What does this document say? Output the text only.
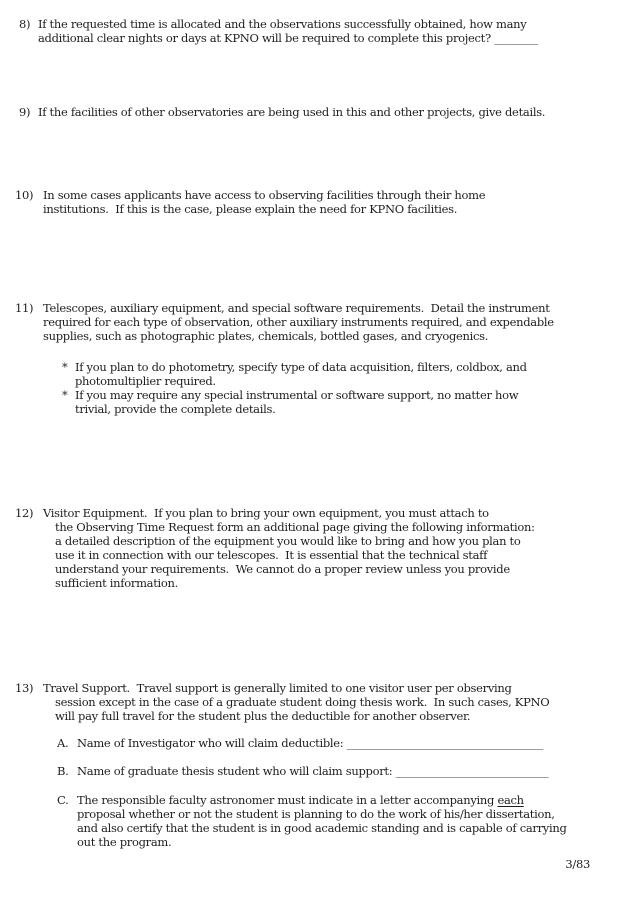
8) If the requested time is allocated and the observations successfully obtained, how many
additional clear nights or days at KPNO will be required to complete this project? ________
9) If the facilities of other observatories are being used in this and other projects, give details.
10) In some cases applicants have access to observing facilities through their home
institutions.  If this is the case, please explain the need for KPNO facilities.
11) Telescopes, auxiliary equipment, and special software requirements.  Detail the instrument
required for each type of observation, other auxiliary instruments required, and expendable
supplies, such as photographic plates, chemicals, bottled gases, and cryogenics.
* If you plan to do photometry, specify type of data acquisition, filters, coldbox, and
photomultiplier required.
* If you may require any special instrumental or software support, no matter how
trivial, provide the complete details.
12) Visitor Equipment.  If you plan to bring your own equipment, you must attach to
the Observing Time Request form an additional page giving the following information:
a detailed description of the equipment you would like to bring and how you plan to
use it in connection with our telescopes.  It is essential that the technical staff
understand your requirements.  We cannot do a proper review unless you provide
sufficient information.
13) Travel Support.  Travel support is generally limited to one visitor user per observing
session except in the case of a graduate student doing thesis work.  In such cases, KPNO
will pay full travel for the student plus the deductible for another observer.
A. Name of Investigator who will claim deductible: ____________________________________
B. Name of graduate thesis student who will claim support: ____________________________
C. The responsible faculty astronomer must indicate in a letter accompanying each
proposal whether or not the student is planning to do the work of his/her dissertation,
and also certify that the student is in good academic standing and is capable of carrying
out the program.
3/83
